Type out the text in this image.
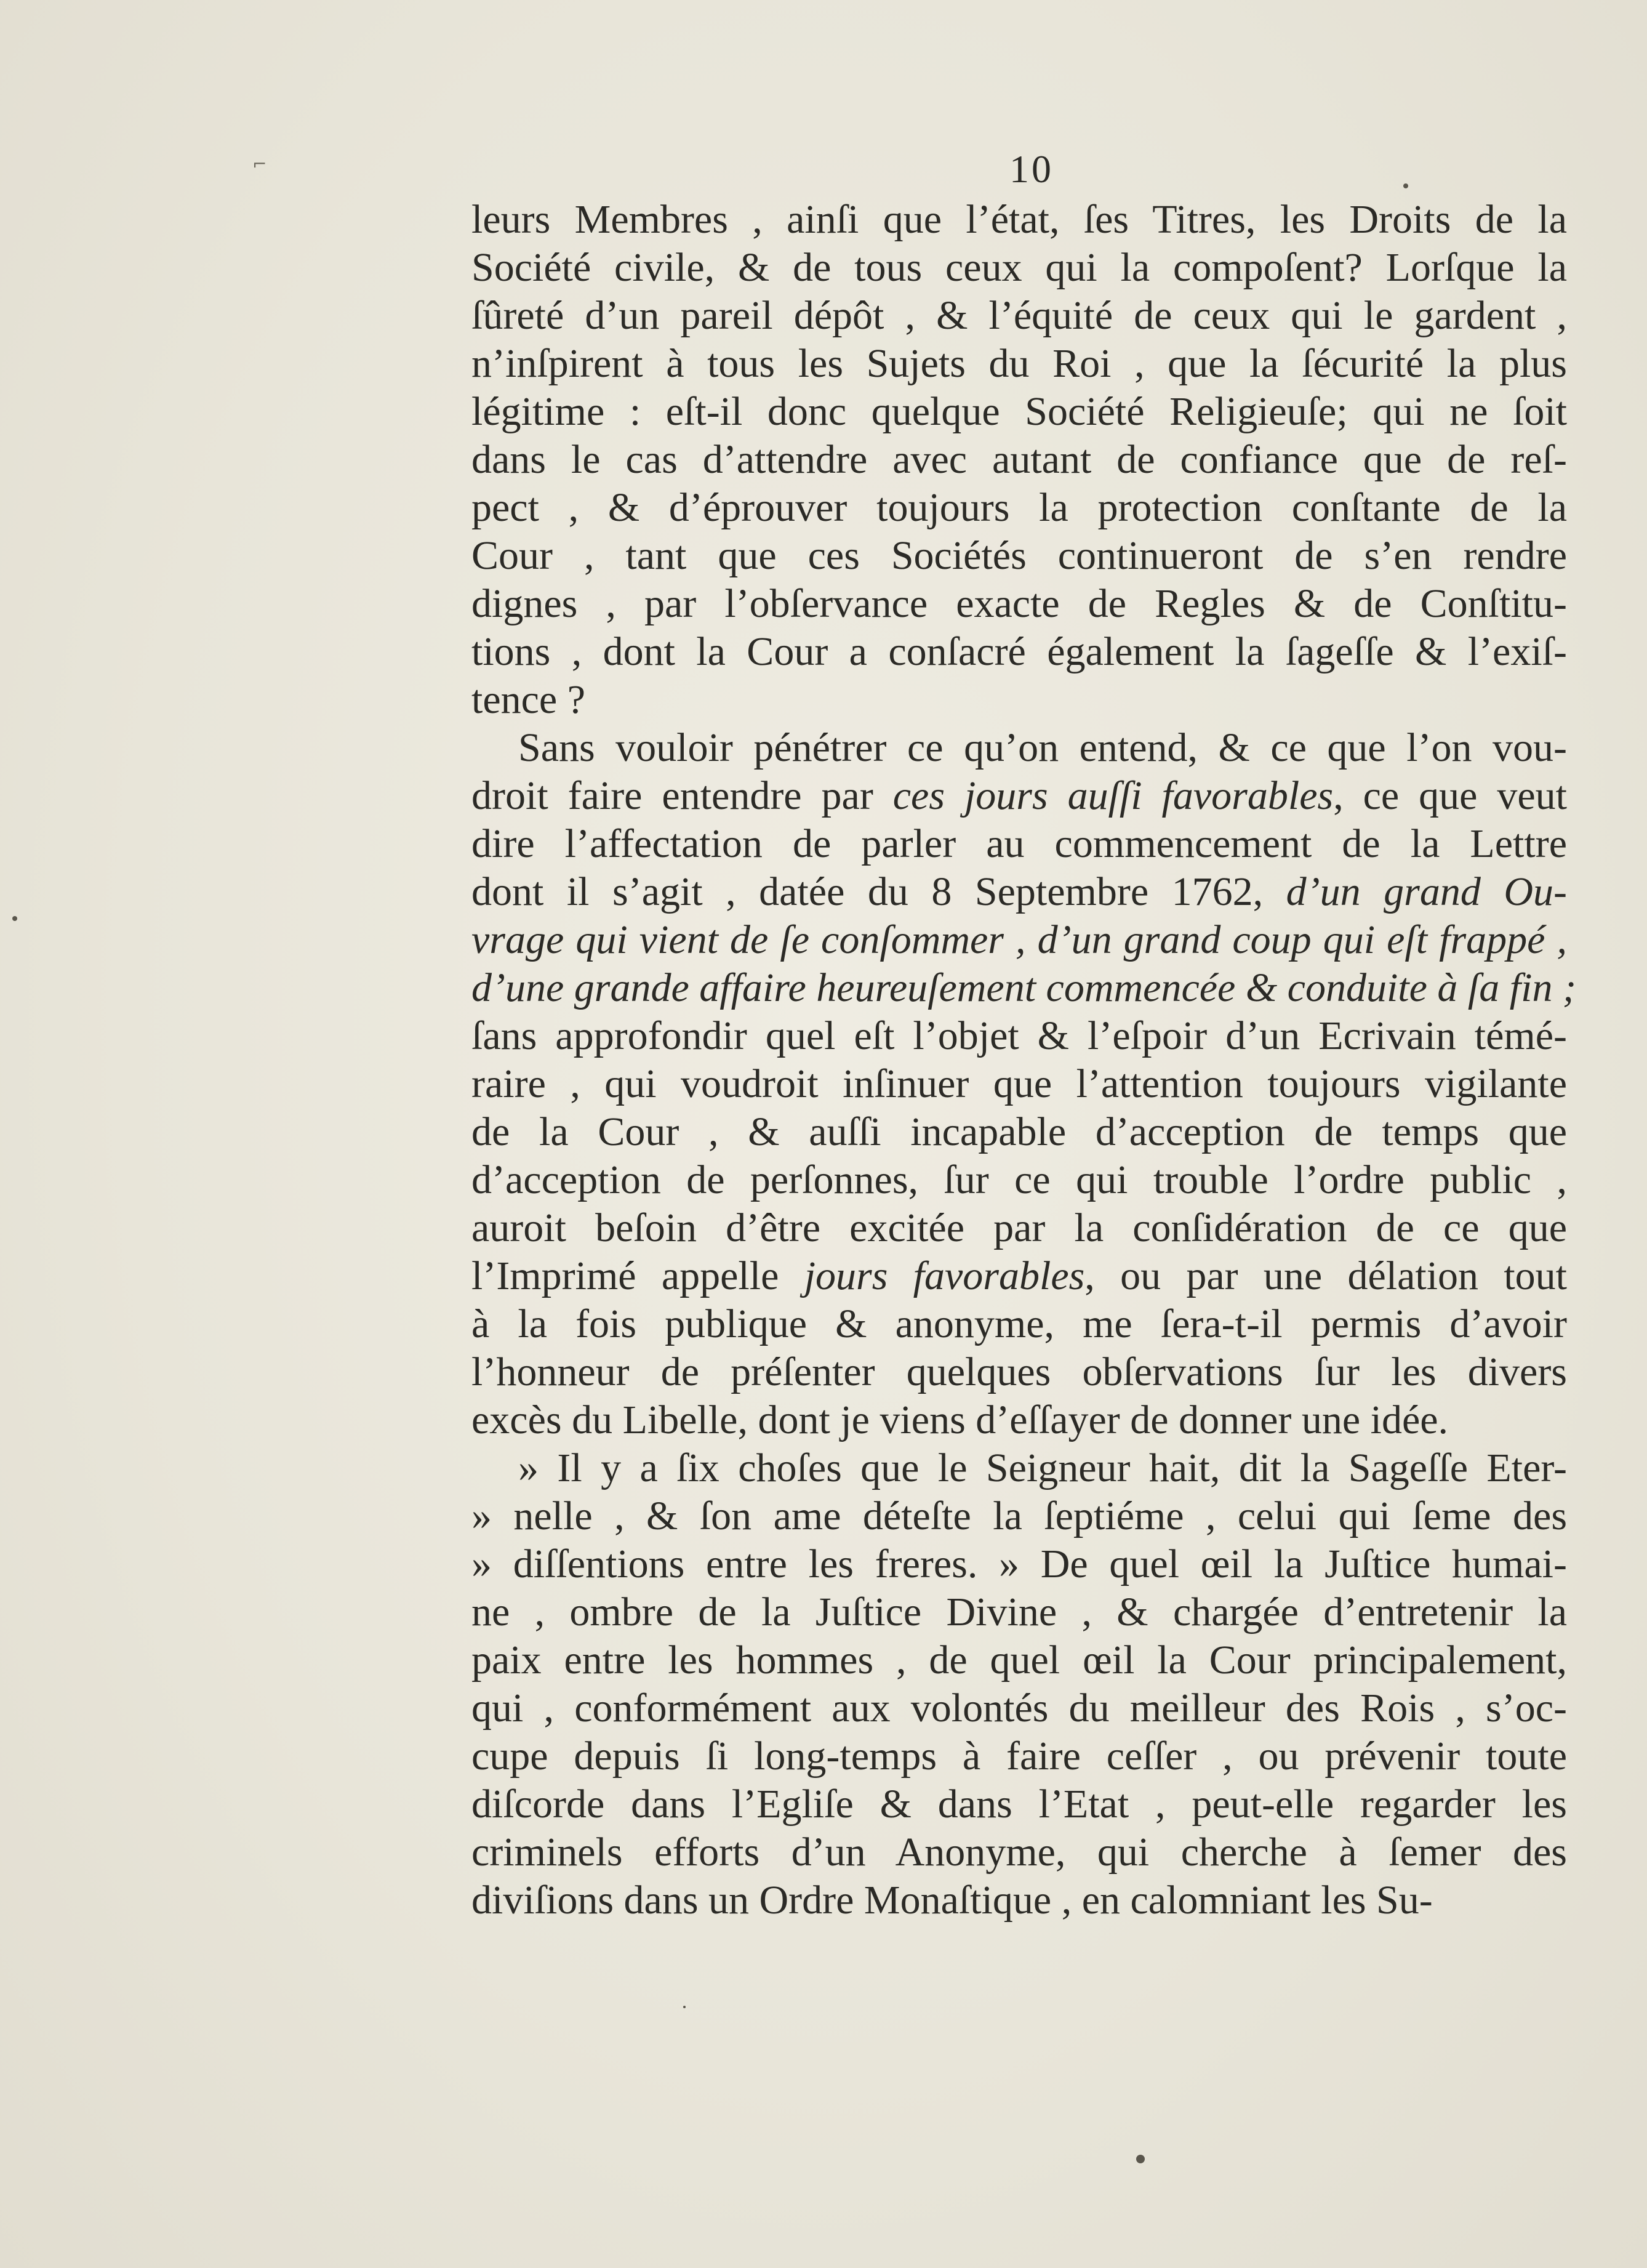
⌐	10
leurs Membres , ainſi que l’état, ſes Titres, les Droits de la
Société civile, & de tous ceux qui la compoſent? Lorſque la
ſûreté d’un pareil dépôt , & l’équité de ceux qui le gardent ,
n’inſpirent à tous les Sujets du Roi , que la ſécurité la plus
légitime : eſt-il donc quelque Société Religieuſe; qui ne ſoit
dans le cas d’attendre avec autant de confiance que de reſ-
pect , & d’éprouver toujours la protection conſtante de la
Cour , tant que ces Sociétés continueront de s’en rendre
dignes , par l’obſervance exacte de Regles & de Conſtitu-
tions , dont la Cour a conſacré également la ſageſſe & l’exiſ-
tence ?
Sans vouloir pénétrer ce qu’on entend, & ce que l’on vou-
droit faire entendre par ces jours auſſi favorables, ce que veut
dire l’affectation de parler au commencement de la Lettre
dont il s’agit , datée du 8 Septembre 1762, d’un grand Ou-
vrage qui vient de ſe conſommer , d’un grand coup qui eſt frappé ,
d’une grande affaire heureuſement commencée & conduite à ſa fin ;
ſans approfondir quel eſt l’objet & l’eſpoir d’un Ecrivain témé-
raire , qui voudroit inſinuer que l’attention toujours vigilante
de la Cour , & auſſi incapable d’acception de temps que
d’acception de perſonnes, ſur ce qui trouble l’ordre public ,
auroit beſoin d’être excitée par la conſidération de ce que
l’Imprimé appelle jours favorables, ou par une délation tout
à la fois publique & anonyme, me ſera-t-il permis d’avoir
l’honneur de préſenter quelques obſervations ſur les divers
excès du Libelle, dont je viens d’eſſayer de donner une idée.
» Il y a ſix choſes que le Seigneur hait, dit la Sageſſe Eter-
» nelle , & ſon ame déteſte la ſeptiéme , celui qui ſeme des
» diſſentions entre les freres. » De quel œil la Juſtice humai-
ne , ombre de la Juſtice Divine , & chargée d’entretenir la
paix entre les hommes , de quel œil la Cour principalement,
qui , conformément aux volontés du meilleur des Rois , s’oc-
cupe depuis ſi long-temps à faire ceſſer , ou prévenir toute
diſcorde dans l’Egliſe & dans l’Etat , peut-elle regarder les
criminels efforts d’un Anonyme, qui cherche à ſemer des
diviſions dans un Ordre Monaſtique , en calomniant les Su-
